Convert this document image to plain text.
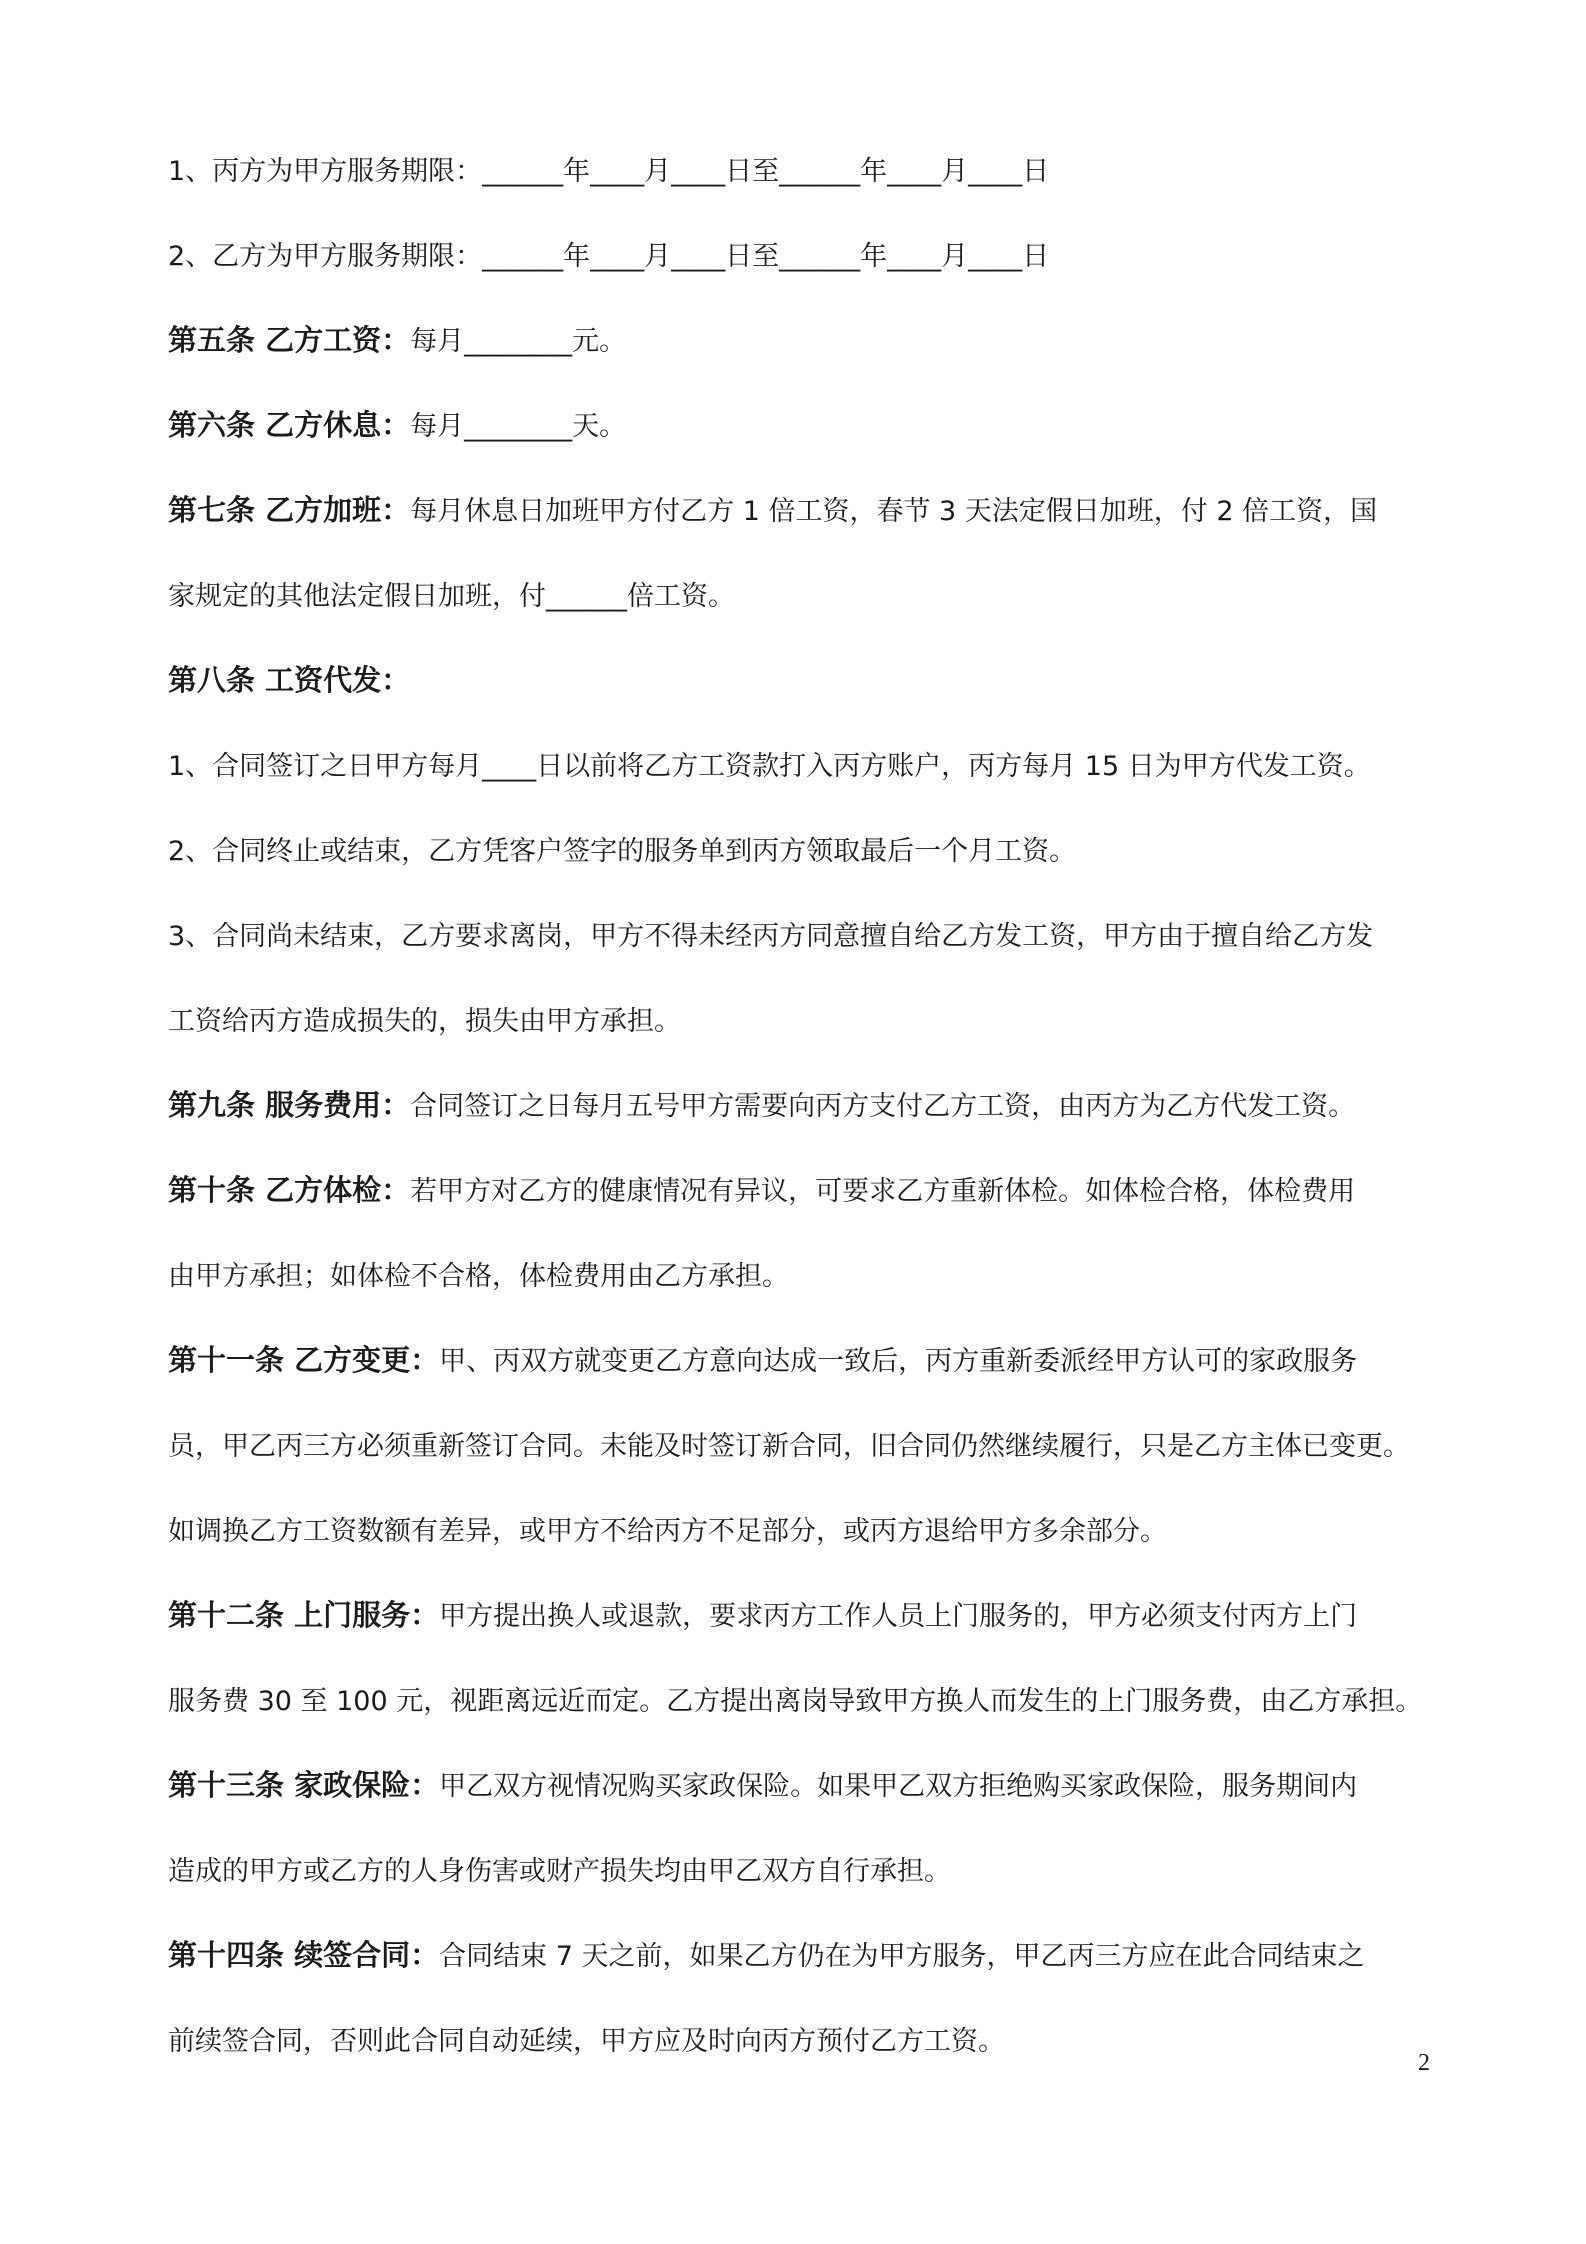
1、丙方为甲方服务期限：______年____月____日至______年____月____日
2、乙方为甲方服务期限：______年____月____日至______年____月____日
第五条 乙方工资：每月________元。
第六条 乙方休息：每月________天。
第七条 乙方加班：每月休息日加班甲方付乙方 1 倍工资，春节 3 天法定假日加班，付 2 倍工资，国
家规定的其他法定假日加班，付______倍工资。
第八条 工资代发：
1、合同签订之日甲方每月____日以前将乙方工资款打入丙方账户，丙方每月 15 日为甲方代发工资。
2、合同终止或结束，乙方凭客户签字的服务单到丙方领取最后一个月工资。
3、合同尚未结束，乙方要求离岗，甲方不得未经丙方同意擅自给乙方发工资，甲方由于擅自给乙方发
工资给丙方造成损失的，损失由甲方承担。
第九条 服务费用：合同签订之日每月五号甲方需要向丙方支付乙方工资，由丙方为乙方代发工资。
第十条 乙方体检：若甲方对乙方的健康情况有异议，可要求乙方重新体检。如体检合格，体检费用
由甲方承担；如体检不合格，体检费用由乙方承担。
第十一条 乙方变更：甲、丙双方就变更乙方意向达成一致后，丙方重新委派经甲方认可的家政服务
员，甲乙丙三方必须重新签订合同。未能及时签订新合同，旧合同仍然继续履行，只是乙方主体已变更。
如调换乙方工资数额有差异，或甲方不给丙方不足部分，或丙方退给甲方多余部分。
第十二条 上门服务：甲方提出换人或退款，要求丙方工作人员上门服务的，甲方必须支付丙方上门
服务费 30 至 100 元，视距离远近而定。乙方提出离岗导致甲方换人而发生的上门服务费，由乙方承担。
第十三条 家政保险：甲乙双方视情况购买家政保险。如果甲乙双方拒绝购买家政保险，服务期间内
造成的甲方或乙方的人身伤害或财产损失均由甲乙双方自行承担。
第十四条 续签合同：合同结束 7 天之前，如果乙方仍在为甲方服务，甲乙丙三方应在此合同结束之
前续签合同，否则此合同自动延续，甲方应及时向丙方预付乙方工资。
2
